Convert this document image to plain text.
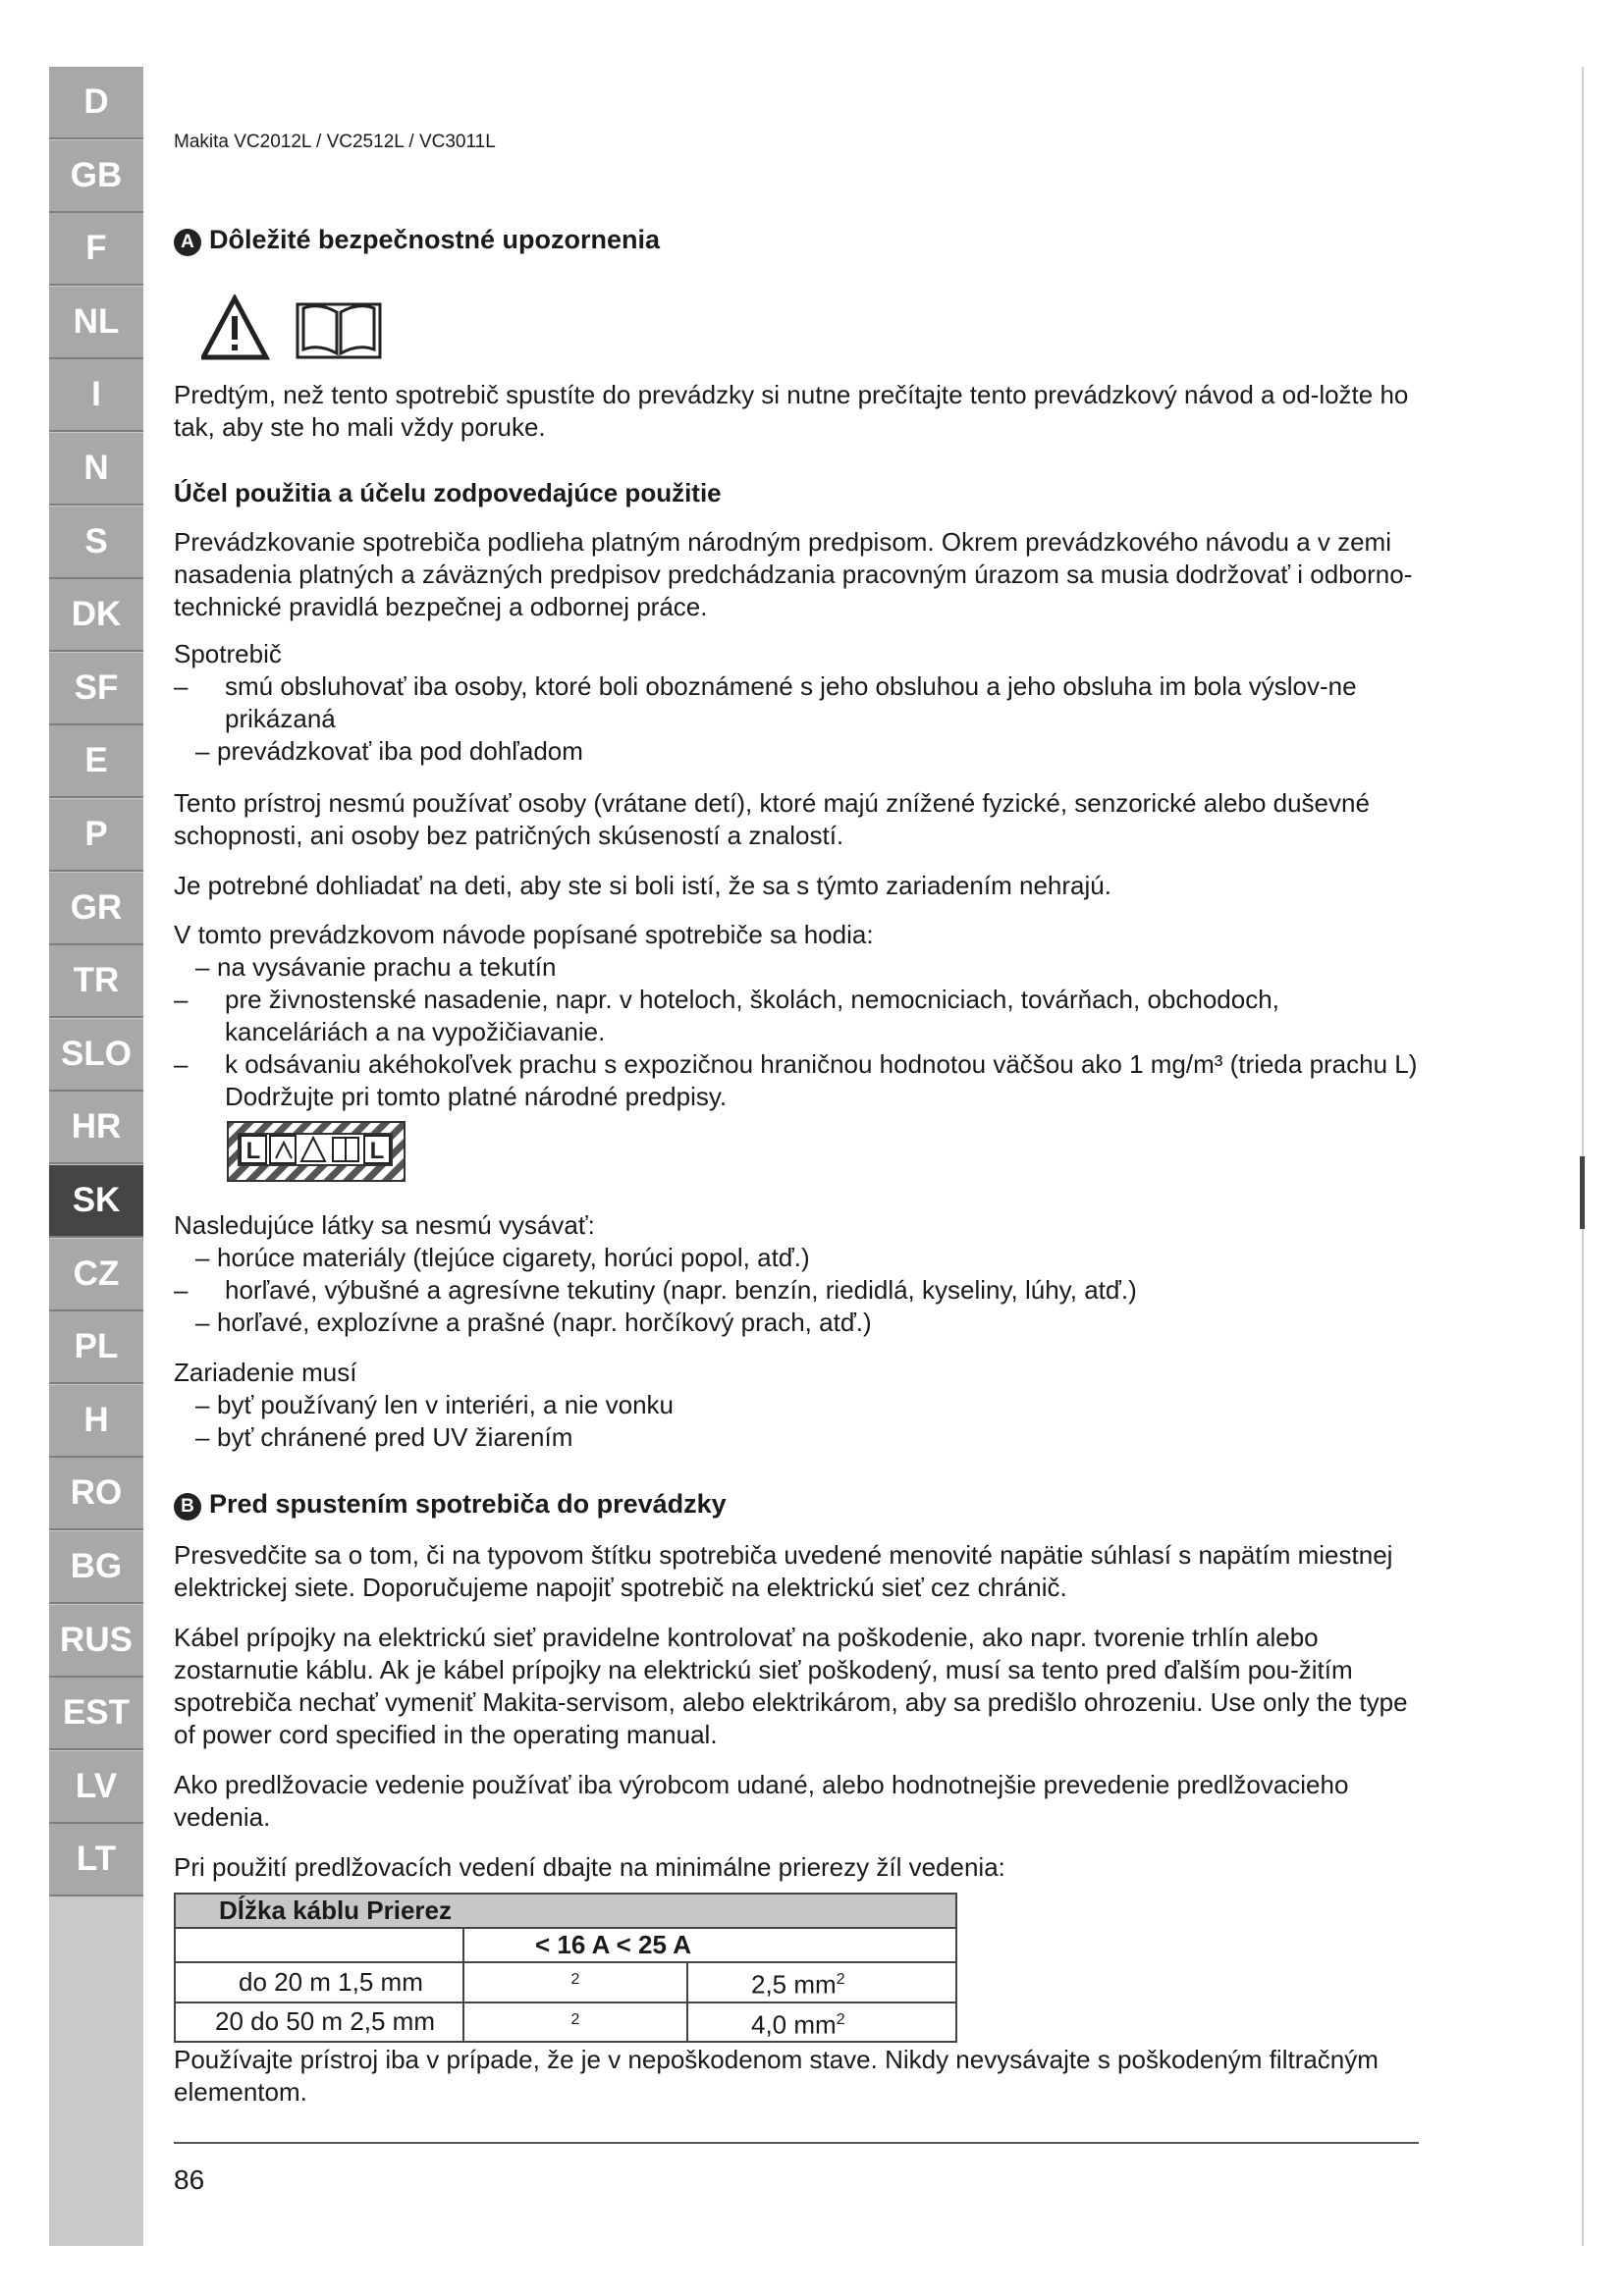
D
GB
F
NL
I
N
S
DK
SF
E
P
GR
TR
SLO
HR
SK
CZ
PL
H
RO
BG
RUS
EST
LV
LT
Makita VC2012L / VC2512L / VC3011L
A Dôležité bezpečnostné upozornenia

Predtým, než tento spotrebič spustíte do prevádzky si nutne prečítajte tento prevádzkový návod a od-ložte ho tak, aby ste ho mali vždy poruke.

Účel použitia a účelu zodpovedajúce použitie

Prevádzkovanie spotrebiča podlieha platným národným predpisom. Okrem prevádzkového návodu a v zemi nasadenia platných a záväzných predpisov predchádzania pracovným úrazom sa musia dodržovať i odborno-technické pravidlá bezpečnej a odbornej práce.

Spotrebič
–	smú obsluhovať iba osoby, ktoré boli oboznámené s jeho obsluhou a jeho obsluha im bola výslov-ne prikázaná
– prevádzkovať iba pod dohľadom

Tento prístroj nesmú používať osoby (vrátane detí), ktoré majú znížené fyzické, senzorické alebo duševné schopnosti, ani osoby bez patričných skúseností a znalostí.

Je potrebné dohliadať na deti, aby ste si boli istí, že sa s týmto zariadením nehrajú.

V tomto prevádzkovom návode popísané spotrebiče sa hodia:
– na vysávanie prachu a tekutín
–	pre živnostenské nasadenie, napr. v hoteloch, školách, nemocniciach, továrňach, obchodoch, kanceláriách a na vypožičiavanie.
–	k odsávaniu akéhokoľvek prachu s expozičnou hraničnou hodnotou väčšou ako 1 mg/m³ (trieda prachu L) Dodržujte pri tomto platné národné predpisy.
L	L
Nasledujúce látky sa nesmú vysávať:
– horúce materiály (tlejúce cigarety, horúci popol, atď.)
–	horľavé, výbušné a agresívne tekutiny (napr. benzín, riedidlá, kyseliny, lúhy, atď.)
– horľavé, explozívne a prašné (napr. horčíkový prach, atď.)
Zariadenie musí
– byť používaný len v interiéri, a nie vonku
– byť chránené pred UV žiarením
B Pred spustením spotrebiča do prevádzky

Presvedčite sa o tom, či na typovom štítku spotrebiča uvedené menovité napätie súhlasí s napätím miestnej elektrickej siete. Doporučujeme napojiť spotrebič na elektrickú sieť cez chránič.

Kábel prípojky na elektrickú sieť pravidelne kontrolovať na poškodenie, ako napr. tvorenie trhlín alebo zostarnutie káblu. Ak je kábel prípojky na elektrickú sieť poškodený, musí sa tento pred ďalším pou-žitím spotrebiča nechať vymeniť Makita-servisom, alebo elektrikárom, aby sa predišlo ohrozeniu. Use only the type of power cord specified in the operating manual.

Ako predlžovacie vedenie používať iba výrobcom udané, alebo hodnotnejšie prevedenie predlžovacieho vedenia.

Pri použití predlžovacích vedení dbajte na minimálne prierezy žíl vedenia:

Dĺžka káblu Prierez		
	< 16 A < 25 A	
do 20 m 1,5 mm	2	2,5 $mm^2$
20 do 50 m 2,5 mm	2	4,0 $mm^2$

Používajte prístroj iba v prípade, že je v nepoškodenom stave. Nikdy nevysávajte s poškodeným filtračným elementom.

86
